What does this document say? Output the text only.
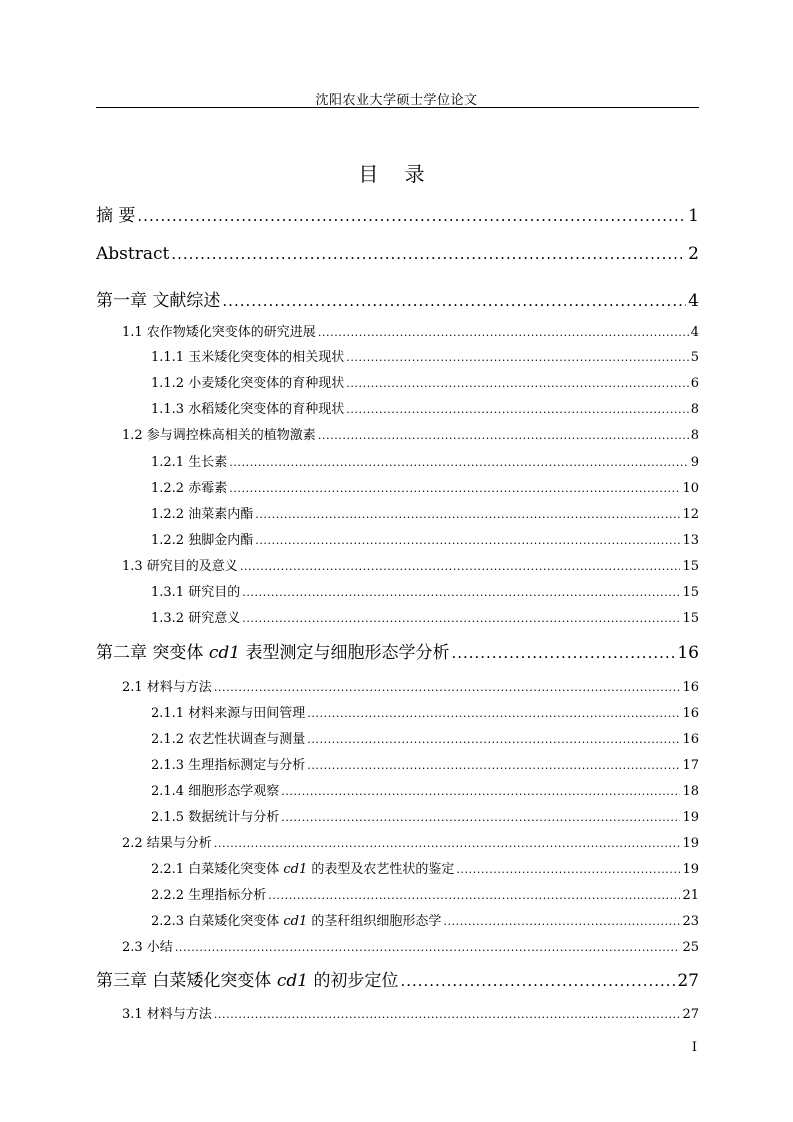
沈阳农业大学硕士学位论文
目 录
摘 要 .....	1
Abstract .....	2
第一章 文献综述 .....	4
1.1 农作物矮化突变体的研究进展 .....	4
1.1.1 玉米矮化突变体的相关现状 .....	5
1.1.2 小麦矮化突变体的育种现状 .....	6
1.1.3 水稻矮化突变体的育种现状 .....	8
1.2 参与调控株高相关的植物激素 .....	8
1.2.1 生长素 .....	9
1.2.2 赤霉素 .....	10
1.2.2 油菜素内酯 .....	12
1.2.2 独脚金内酯 .....	13
1.3 研究目的及意义 .....	15
1.3.1 研究目的 .....	15
1.3.2 研究意义 .....	15
第二章 突变体 cd1 表型测定与细胞形态学分析 .....	16
2.1 材料与方法 .....	16
2.1.1 材料来源与田间管理 .....	16
2.1.2 农艺性状调查与测量 .....	16
2.1.3 生理指标测定与分析 .....	17
2.1.4 细胞形态学观察 .....	18
2.1.5 数据统计与分析 .....	19
2.2 结果与分析 .....	19
2.2.1 白菜矮化突变体 cd1 的表型及农艺性状的鉴定 .....	19
2.2.2 生理指标分析 .....	21
2.2.3 白菜矮化突变体 cd1 的茎秆组织细胞形态学 .....	23
2.3 小结 .....	25
第三章 白菜矮化突变体 cd1 的初步定位 .....	27
3.1 材料与方法 .....	27
I
